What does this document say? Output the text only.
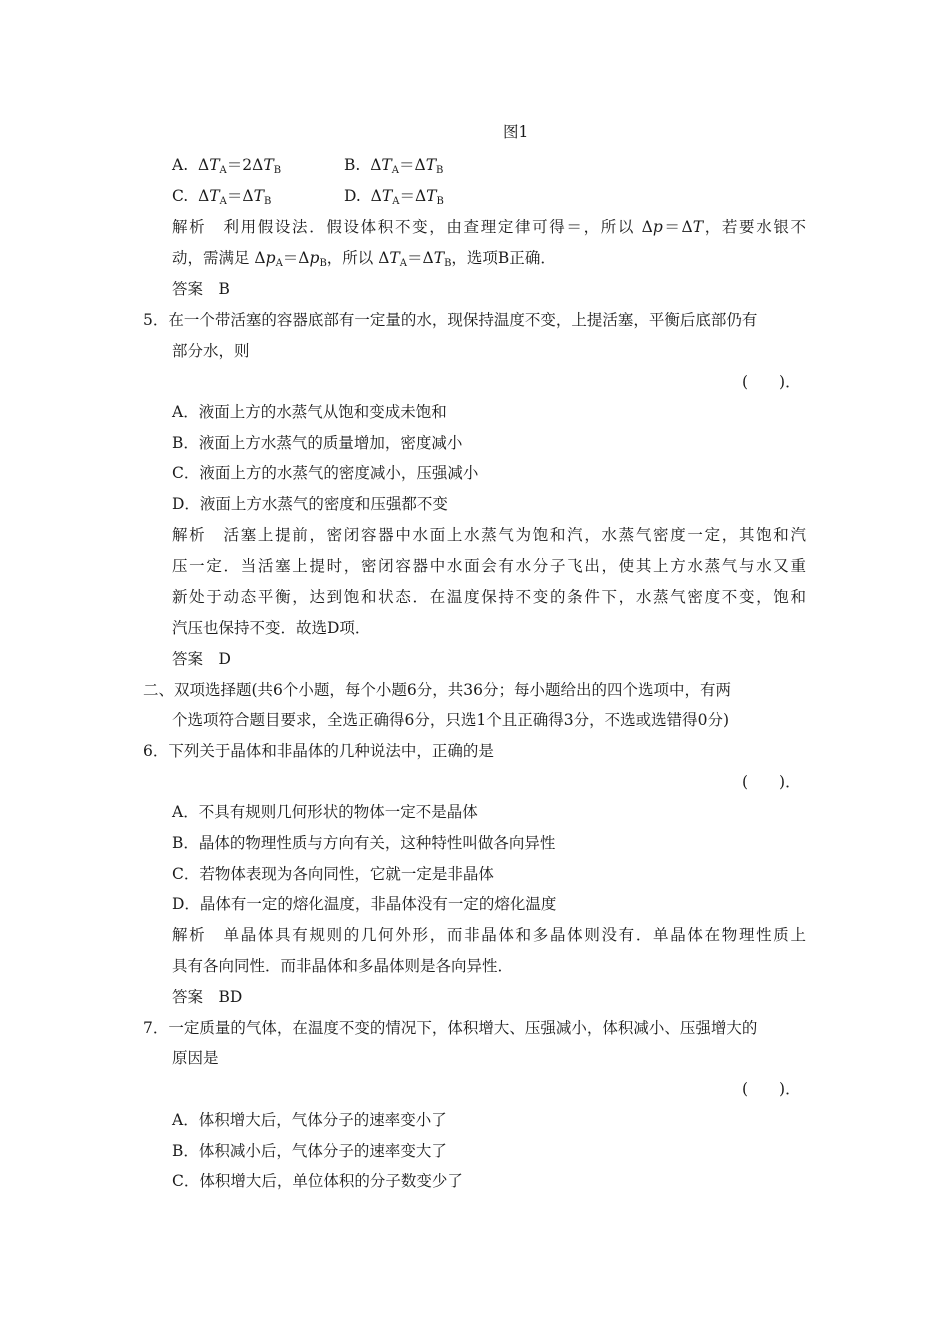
图1
A. $\Delta T_A=2\Delta T_B$	B. $\Delta T_A=\Delta T_B$
C. $\Delta T_A=\Delta T_B$	D. $\Delta T_A=\Delta T_B$
解析　利用假设法．假设体积不变，由查理定律可得＝，所以 Δp＝ΔT，若要水银不
动，需满足 $\Delta p_A=\Delta p_B$，所以 $\Delta T_A=\Delta T_B$，选项B正确．
答案　B
5．在一个带活塞的容器底部有一定量的水，现保持温度不变，上提活塞，平衡后底部仍有
部分水，则
(　　)．
A．液面上方的水蒸气从饱和变成未饱和
B．液面上方水蒸气的质量增加，密度减小
C．液面上方的水蒸气的密度减小，压强减小
D．液面上方水蒸气的密度和压强都不变
解析　活塞上提前，密闭容器中水面上水蒸气为饱和汽，水蒸气密度一定，其饱和汽
压一定．当活塞上提时，密闭容器中水面会有水分子飞出，使其上方水蒸气与水又重
新处于动态平衡，达到饱和状态．在温度保持不变的条件下，水蒸气密度不变，饱和
汽压也保持不变．故选D项．
答案　D
二、双项选择题(共6个小题，每个小题6分，共36分；每小题给出的四个选项中，有两
个选项符合题目要求，全选正确得6分，只选1个且正确得3分，不选或选错得0分)
6．下列关于晶体和非晶体的几种说法中，正确的是
(　　)．
A．不具有规则几何形状的物体一定不是晶体
B．晶体的物理性质与方向有关，这种特性叫做各向异性
C．若物体表现为各向同性，它就一定是非晶体
D．晶体有一定的熔化温度，非晶体没有一定的熔化温度
解析　单晶体具有规则的几何外形，而非晶体和多晶体则没有．单晶体在物理性质上
具有各向同性．而非晶体和多晶体则是各向异性．
答案　BD
7．一定质量的气体，在温度不变的情况下，体积增大、压强减小，体积减小、压强增大的
原因是
(　　)．
A．体积增大后，气体分子的速率变小了
B．体积减小后，气体分子的速率变大了
C．体积增大后，单位体积的分子数变少了
